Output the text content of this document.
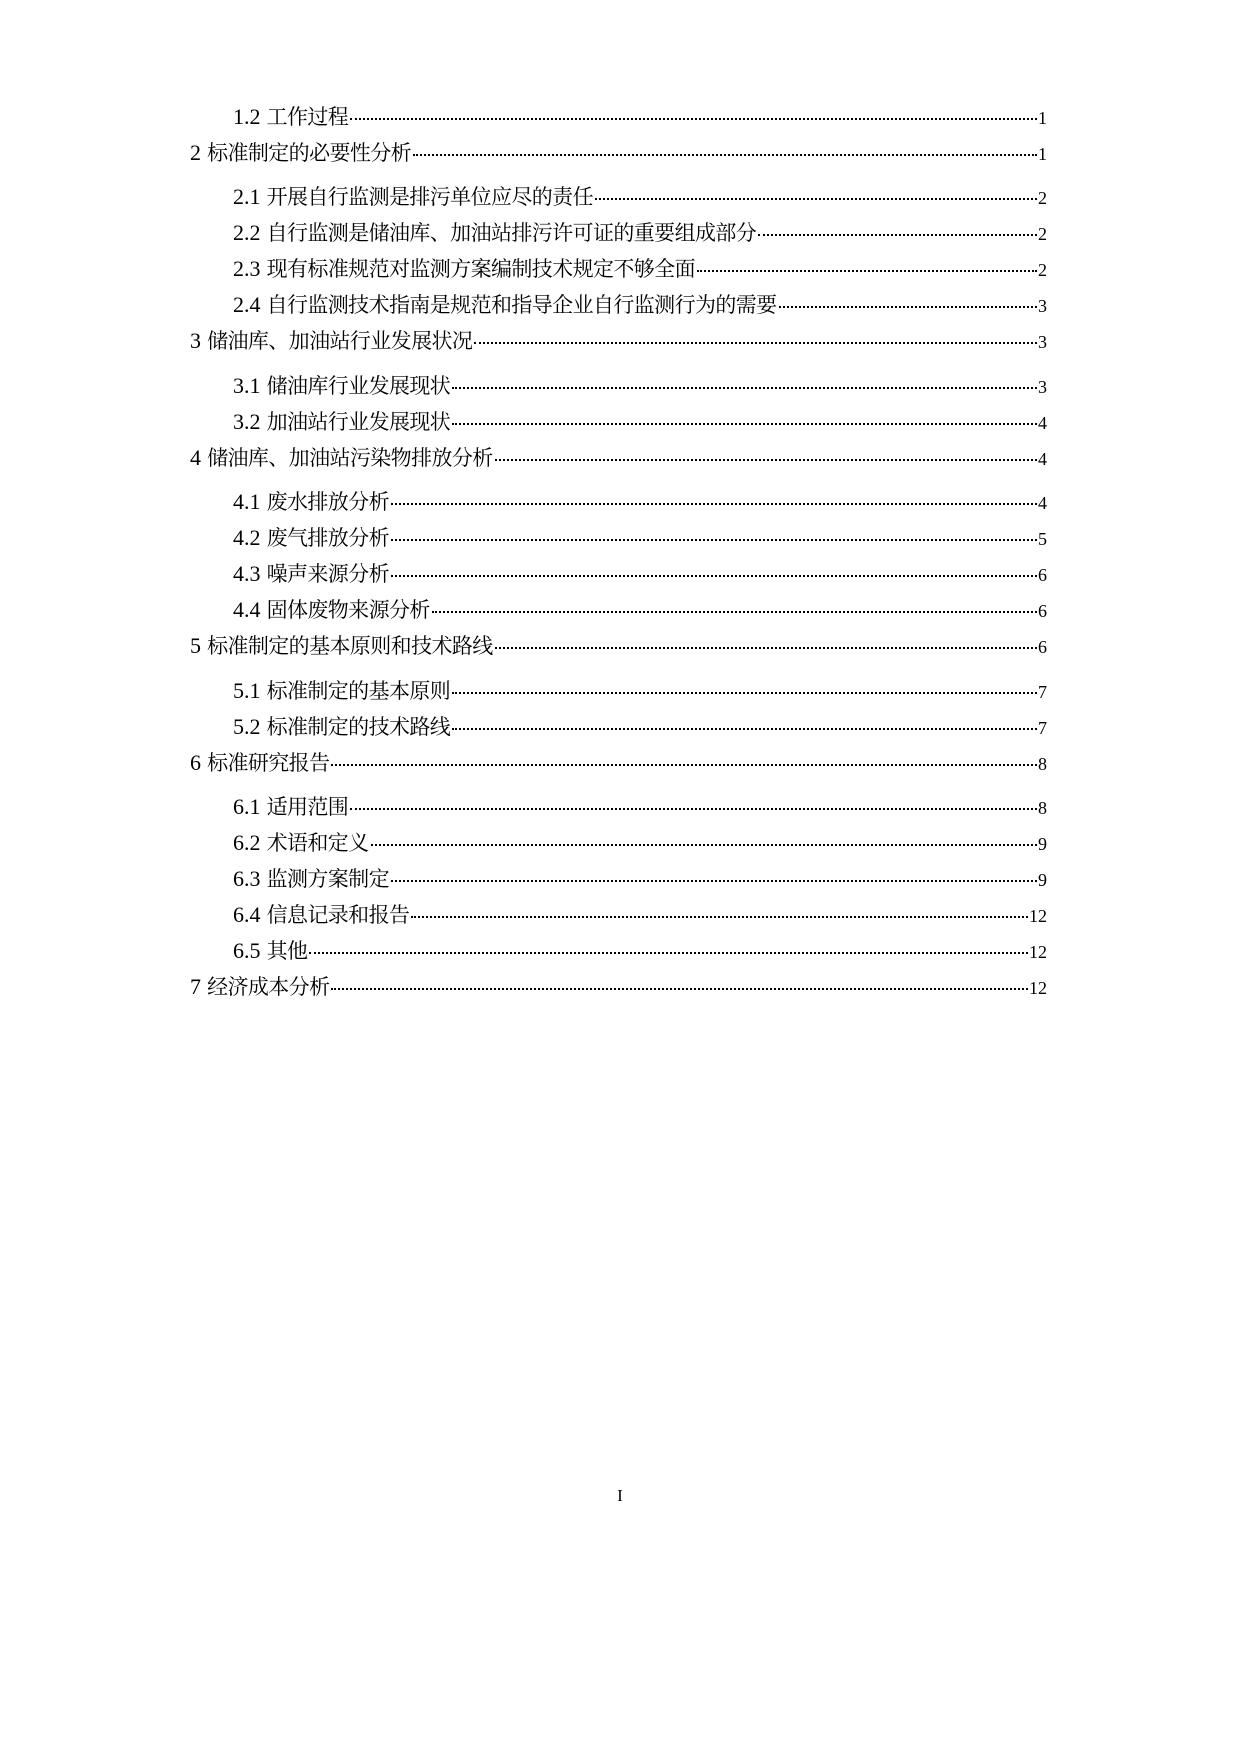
1.2 工作过程	1
2 标准制定的必要性分析	1
2.1 开展自行监测是排污单位应尽的责任	2
2.2 自行监测是储油库、加油站排污许可证的重要组成部分	2
2.3 现有标准规范对监测方案编制技术规定不够全面	2
2.4 自行监测技术指南是规范和指导企业自行监测行为的需要	3
3 储油库、加油站行业发展状况	3
3.1 储油库行业发展现状	3
3.2 加油站行业发展现状	4
4 储油库、加油站污染物排放分析	4
4.1 废水排放分析	4
4.2 废气排放分析	5
4.3 噪声来源分析	6
4.4 固体废物来源分析	6
5 标准制定的基本原则和技术路线	6
5.1 标准制定的基本原则	7
5.2 标准制定的技术路线	7
6 标准研究报告	8
6.1 适用范围	8
6.2 术语和定义	9
6.3 监测方案制定	9
6.4 信息记录和报告	12
6.5 其他	12
7 经济成本分析	12
I
